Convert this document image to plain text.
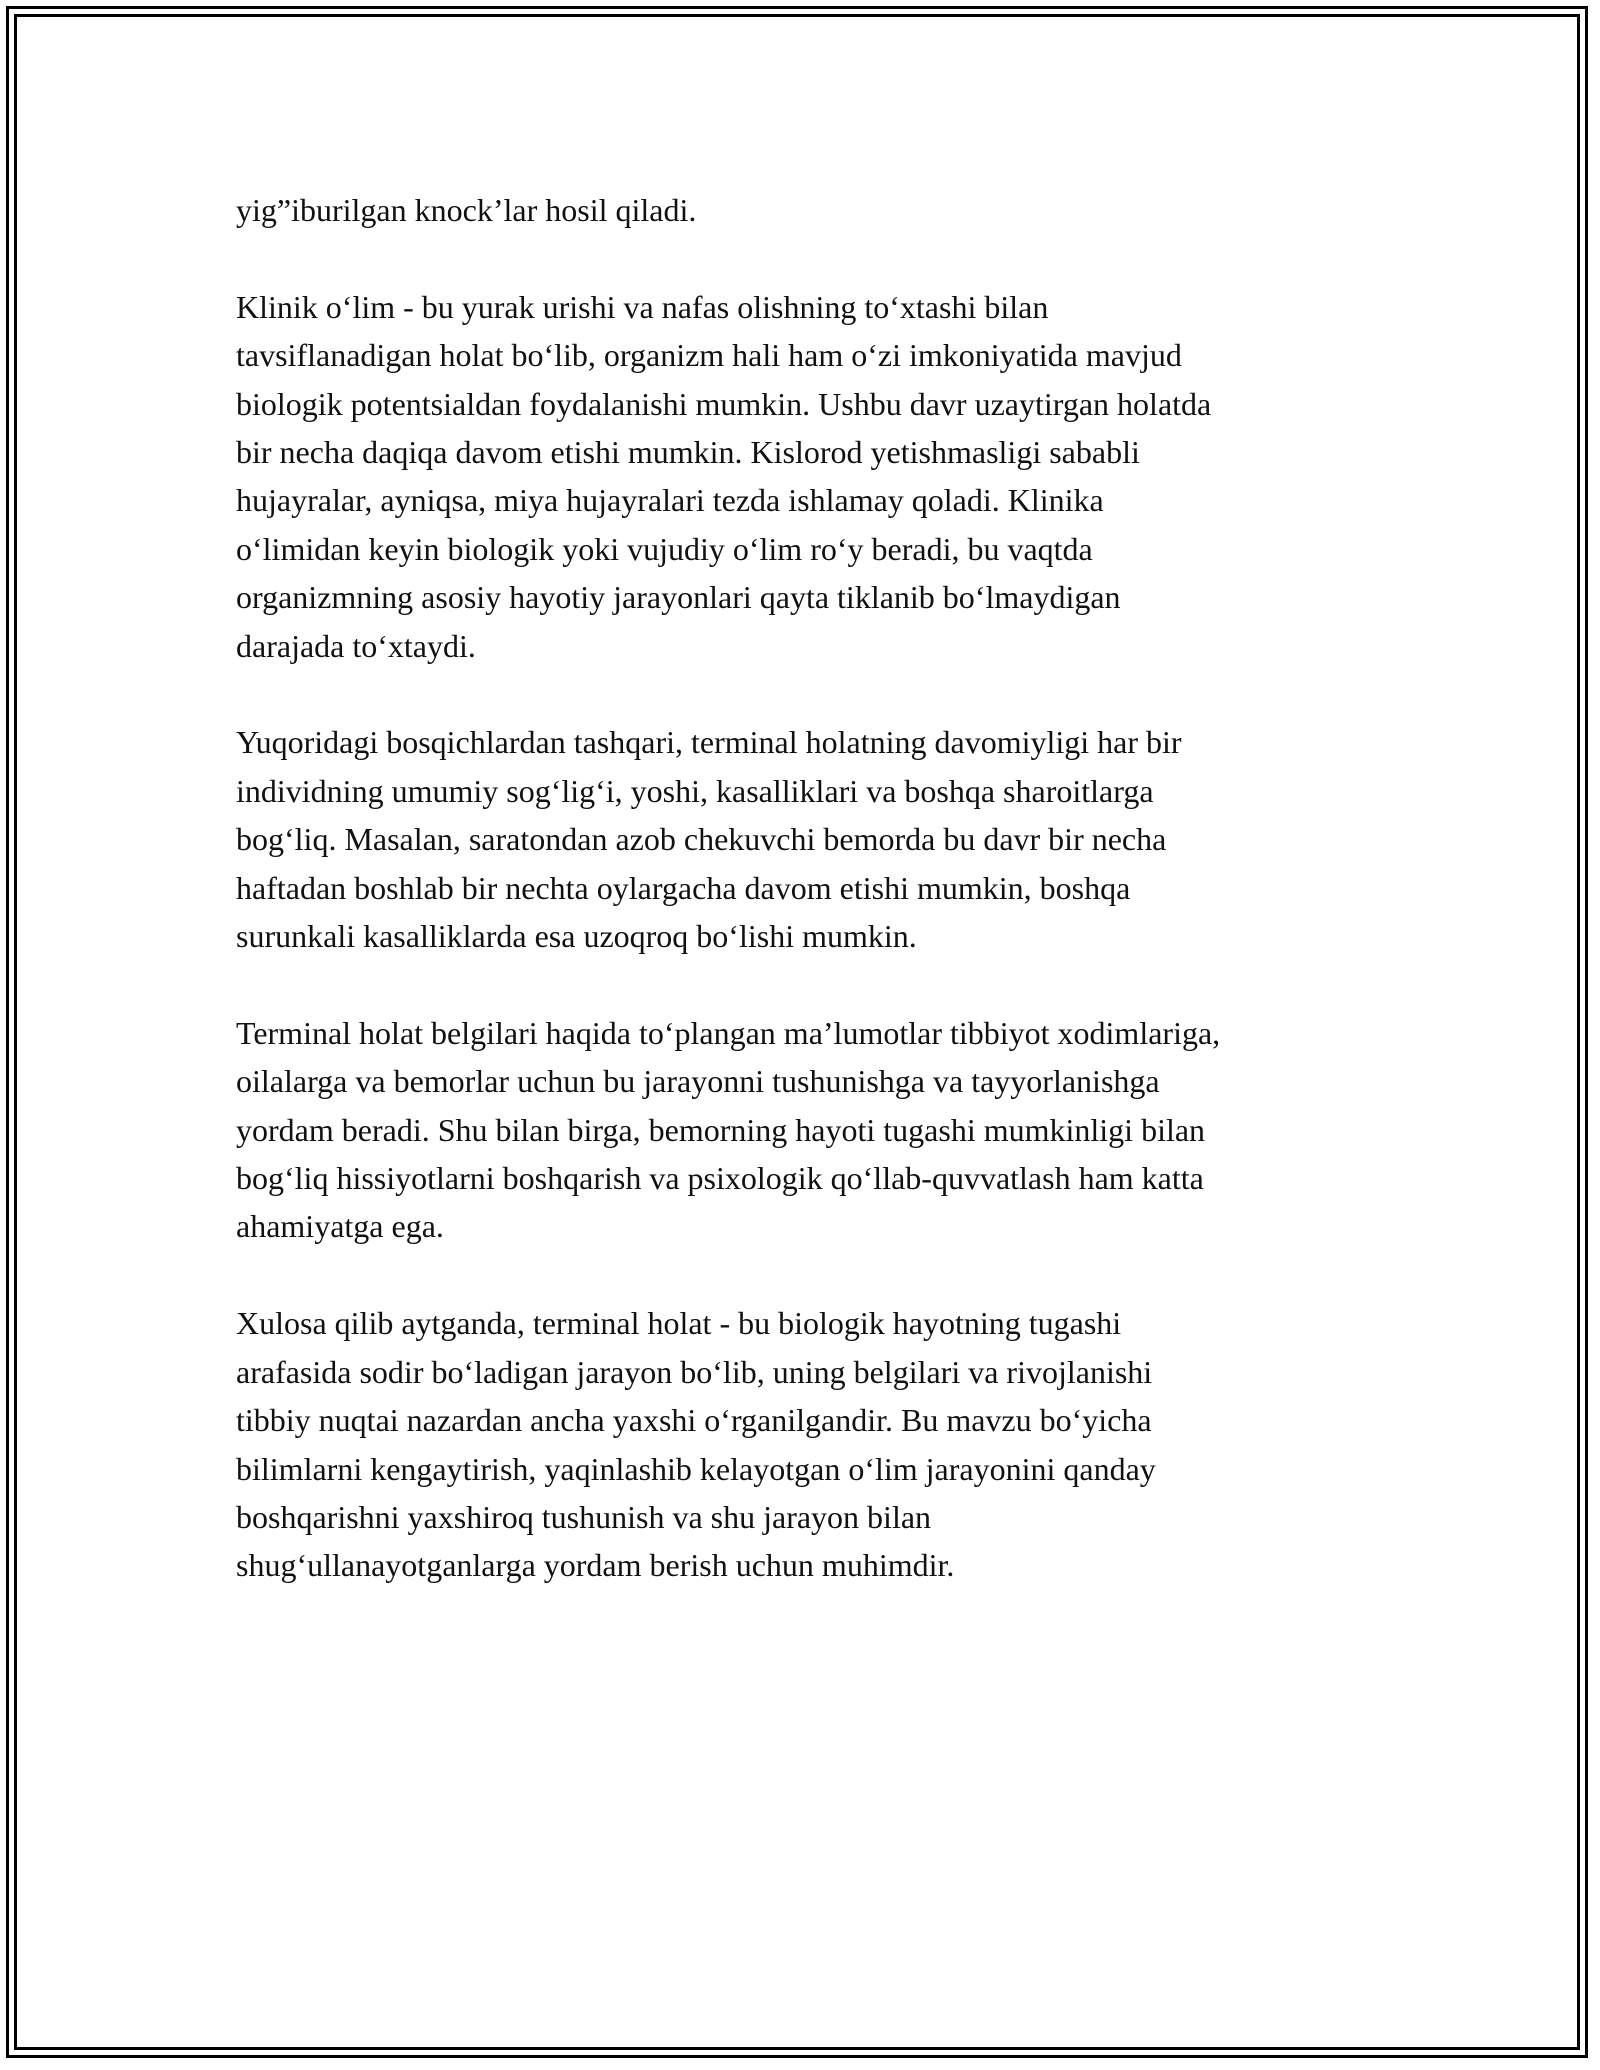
yig”iburilgan knock’lar hosil qiladi.

Klinik o‘lim - bu yurak urishi va nafas olishning to‘xtashi bilan
tavsiflanadigan holat bo‘lib, organizm hali ham o‘zi imkoniyatida mavjud
biologik potentsialdan foydalanishi mumkin. Ushbu davr uzaytirgan holatda
bir necha daqiqa davom etishi mumkin. Kislorod yetishmasligi sababli
hujayralar, ayniqsa, miya hujayralari tezda ishlamay qoladi. Klinika
o‘limidan keyin biologik yoki vujudiy o‘lim ro‘y beradi, bu vaqtda
organizmning asosiy hayotiy jarayonlari qayta tiklanib bo‘lmaydigan
darajada to‘xtaydi.

Yuqoridagi bosqichlardan tashqari, terminal holatning davomiyligi har bir
individning umumiy sog‘lig‘i, yoshi, kasalliklari va boshqa sharoitlarga
bog‘liq. Masalan, saratondan azob chekuvchi bemorda bu davr bir necha
haftadan boshlab bir nechta oylargacha davom etishi mumkin, boshqa
surunkali kasalliklarda esa uzoqroq bo‘lishi mumkin.

Terminal holat belgilari haqida to‘plangan ma’lumotlar tibbiyot xodimlariga,
oilalarga va bemorlar uchun bu jarayonni tushunishga va tayyorlanishga
yordam beradi. Shu bilan birga, bemorning hayoti tugashi mumkinligi bilan
bog‘liq hissiyotlarni boshqarish va psixologik qo‘llab-quvvatlash ham katta
ahamiyatga ega.

Xulosa qilib aytganda, terminal holat - bu biologik hayotning tugashi
arafasida sodir bo‘ladigan jarayon bo‘lib, uning belgilari va rivojlanishi
tibbiy nuqtai nazardan ancha yaxshi o‘rganilgandir. Bu mavzu bo‘yicha
bilimlarni kengaytirish, yaqinlashib kelayotgan o‘lim jarayonini qanday
boshqarishni yaxshiroq tushunish va shu jarayon bilan
shug‘ullanayotganlarga yordam berish uchun muhimdir.
